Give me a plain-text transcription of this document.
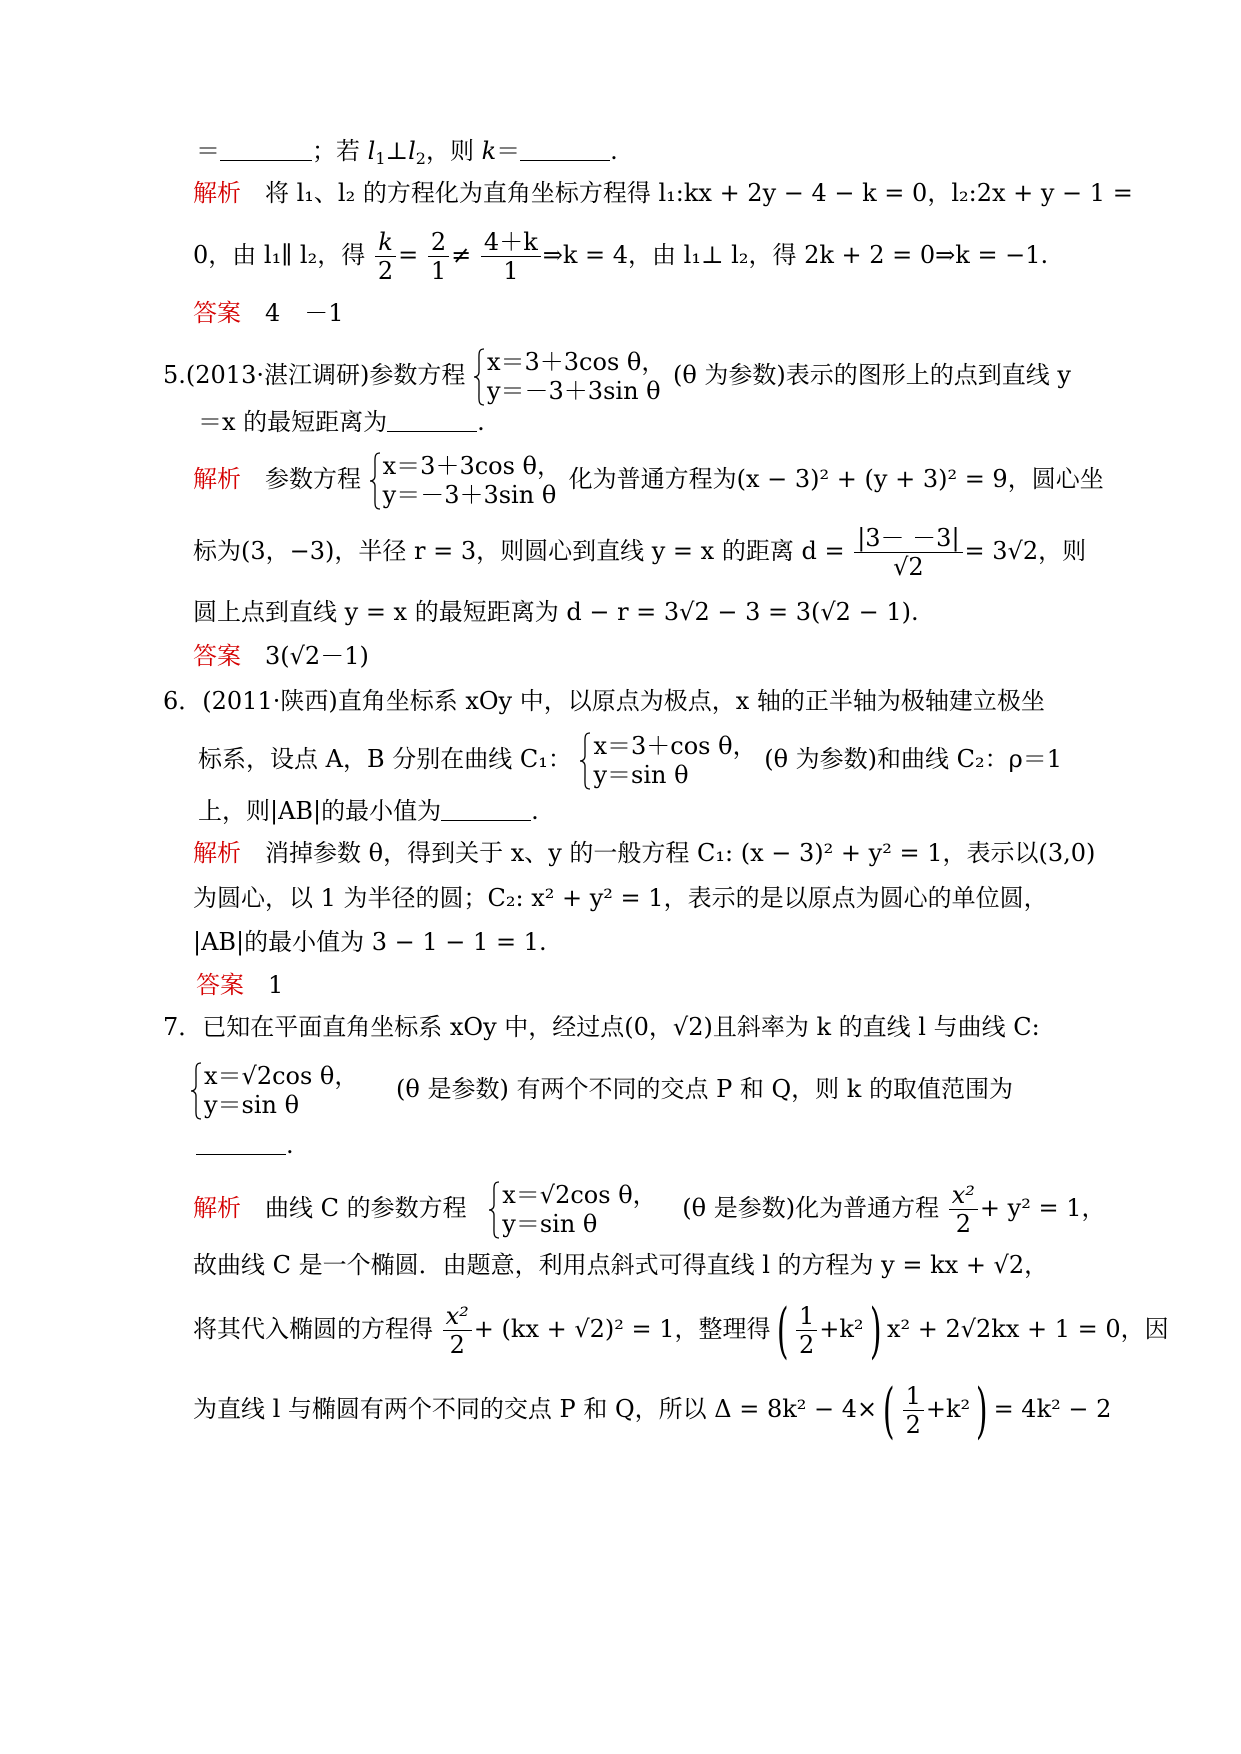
＝	；若 $l_1\perp l_2$，则 k＝	.
解析　 将 l₁、l₂ 的方程化为直角坐标方程得 l₁:kx + 2y − 4 − k = 0，l₂:2x + y − 1 =
0，由 l₁∥ l₂，得 $\frac{k}{2} = \frac{2}{1} \ne \frac{4+k}{1}$ ⇒k = 4，由 l₁⊥ l₂，得 2k + 2 = 0⇒k = −1.
答案　 4　－1
5.(2013·湛江调研)参数方程 x＝3＋3cos θ，
y＝－3＋3sin θ
(θ 为参数)表示的图形上的点到直线 y
＝x 的最短距离为	.
解析　 参数方程 x＝3＋3cos θ，
y＝－3＋3sin θ
化为普通方程为(x − 3)² + (y + 3)² = 9，圆心坐
标为(3，−3)，半径 r = 3，则圆心到直线 y = x 的距离 $d = \frac{|3- -3|}{√2} = 3√2$，则
圆上点到直线 y = x 的最短距离为 d − r = 3√2 − 3 = 3(√2 − 1).
答案　 3(√2－1)
6．(2011·陕西)直角坐标系 xOy 中，以原点为极点，x 轴的正半轴为极轴建立极坐
标系，设点 A，B 分别在曲线 C₁： x＝3＋cos θ，
y＝sin θ
(θ 为参数)和曲线 C₂：ρ＝1
上，则|AB|的最小值为	.
解析　 消掉参数 θ，得到关于 x、y 的一般方程 C₁: (x − 3)² + y² = 1，表示以(3,0)
为圆心，以 1 为半径的圆；C₂: x² + y² = 1，表示的是以原点为圆心的单位圆，
|AB|的最小值为 3 − 1 − 1 = 1.
答案　 1
7．已知在平面直角坐标系 xOy 中，经过点(0，√2)且斜率为 k 的直线 l 与曲线 C:
x＝√2cos θ，
y＝sin θ
(θ 是参数) 有两个不同的交点 P 和 Q，则 k 的取值范围为
.
解析　 曲线 C 的参数方程 x＝√2cos θ，
y＝sin θ
(θ 是参数)化为普通方程 $\frac{\text{x²}}{2} + y^2 = 1$，
故曲线 C 是一个椭圆．由题意，利用点斜式可得直线 l 的方程为 y = kx + √2，
将其代入椭圆的方程得 $\frac{\text{x²}}{2} + (kx + √2)^2 = 1$，整理得( $\frac{1}{2} +k^2$) x² + 2√2kx + 1 = 0，因
为直线 l 与椭圆有两个不同的交点 P 和 Q，所以 $\Delta = 8k^2 - 4\times( \frac{1}{2} +k^2) = 4k^2 - 2$
